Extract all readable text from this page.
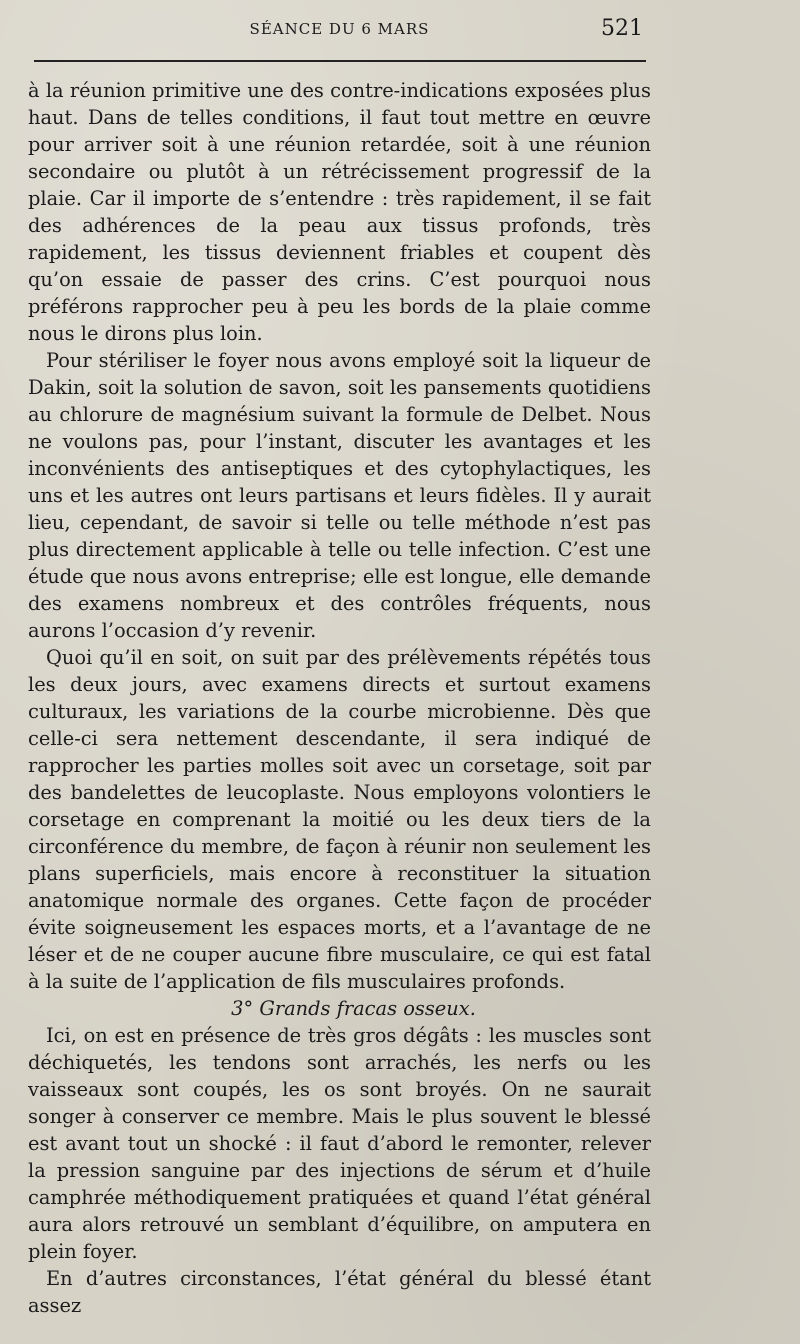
SÉANCE DU 6 MARS	521

à la réunion primitive une des contre-indications exposées plus haut. Dans de telles conditions, il faut tout mettre en œuvre pour arriver soit à une réunion retardée, soit à une réunion secondaire ou plutôt à un rétrécissement progressif de la plaie. Car il importe de s’entendre : très rapidement, il se fait des adhérences de la peau aux tissus profonds, très rapidement, les tissus deviennent friables et coupent dès qu’on essaie de passer des crins. C’est pourquoi nous préférons rapprocher peu à peu les bords de la plaie comme nous le dirons plus loin.

Pour stériliser le foyer nous avons employé soit la liqueur de Dakin, soit la solution de savon, soit les pansements quotidiens au chlorure de magnésium suivant la formule de Delbet. Nous ne voulons pas, pour l’instant, discuter les avantages et les inconvénients des antiseptiques et des cytophylactiques, les uns et les autres ont leurs partisans et leurs fidèles. Il y aurait lieu, cependant, de savoir si telle ou telle méthode n’est pas plus directement applicable à telle ou telle infection. C’est une étude que nous avons entreprise; elle est longue, elle demande des examens nombreux et des contrôles fréquents, nous aurons l’occasion d’y revenir.

Quoi qu’il en soit, on suit par des prélèvements répétés tous les deux jours, avec examens directs et surtout examens culturaux, les variations de la courbe microbienne. Dès que celle-ci sera nettement descendante, il sera indiqué de rapprocher les parties molles soit avec un corsetage, soit par des bandelettes de leucoplaste. Nous employons volontiers le corsetage en comprenant la moitié ou les deux tiers de la circonférence du membre, de façon à réunir non seulement les plans superficiels, mais encore à reconstituer la situation anatomique normale des organes. Cette façon de procéder évite soigneusement les espaces morts, et a l’avantage de ne léser et de ne couper aucune fibre musculaire, ce qui est fatal à la suite de l’application de fils musculaires profonds.

3° Grands fracas osseux.

Ici, on est en présence de très gros dégâts : les muscles sont déchiquetés, les tendons sont arrachés, les nerfs ou les vaisseaux sont coupés, les os sont broyés. On ne saurait songer à conserver ce membre. Mais le plus souvent le blessé est avant tout un shocké : il faut d’abord le remonter, relever la pression sanguine par des injections de sérum et d’huile camphrée méthodiquement pratiquées et quand l’état général aura alors retrouvé un semblant d’équilibre, on amputera en plein foyer.

En d’autres circonstances, l’état général du blessé étant assez
